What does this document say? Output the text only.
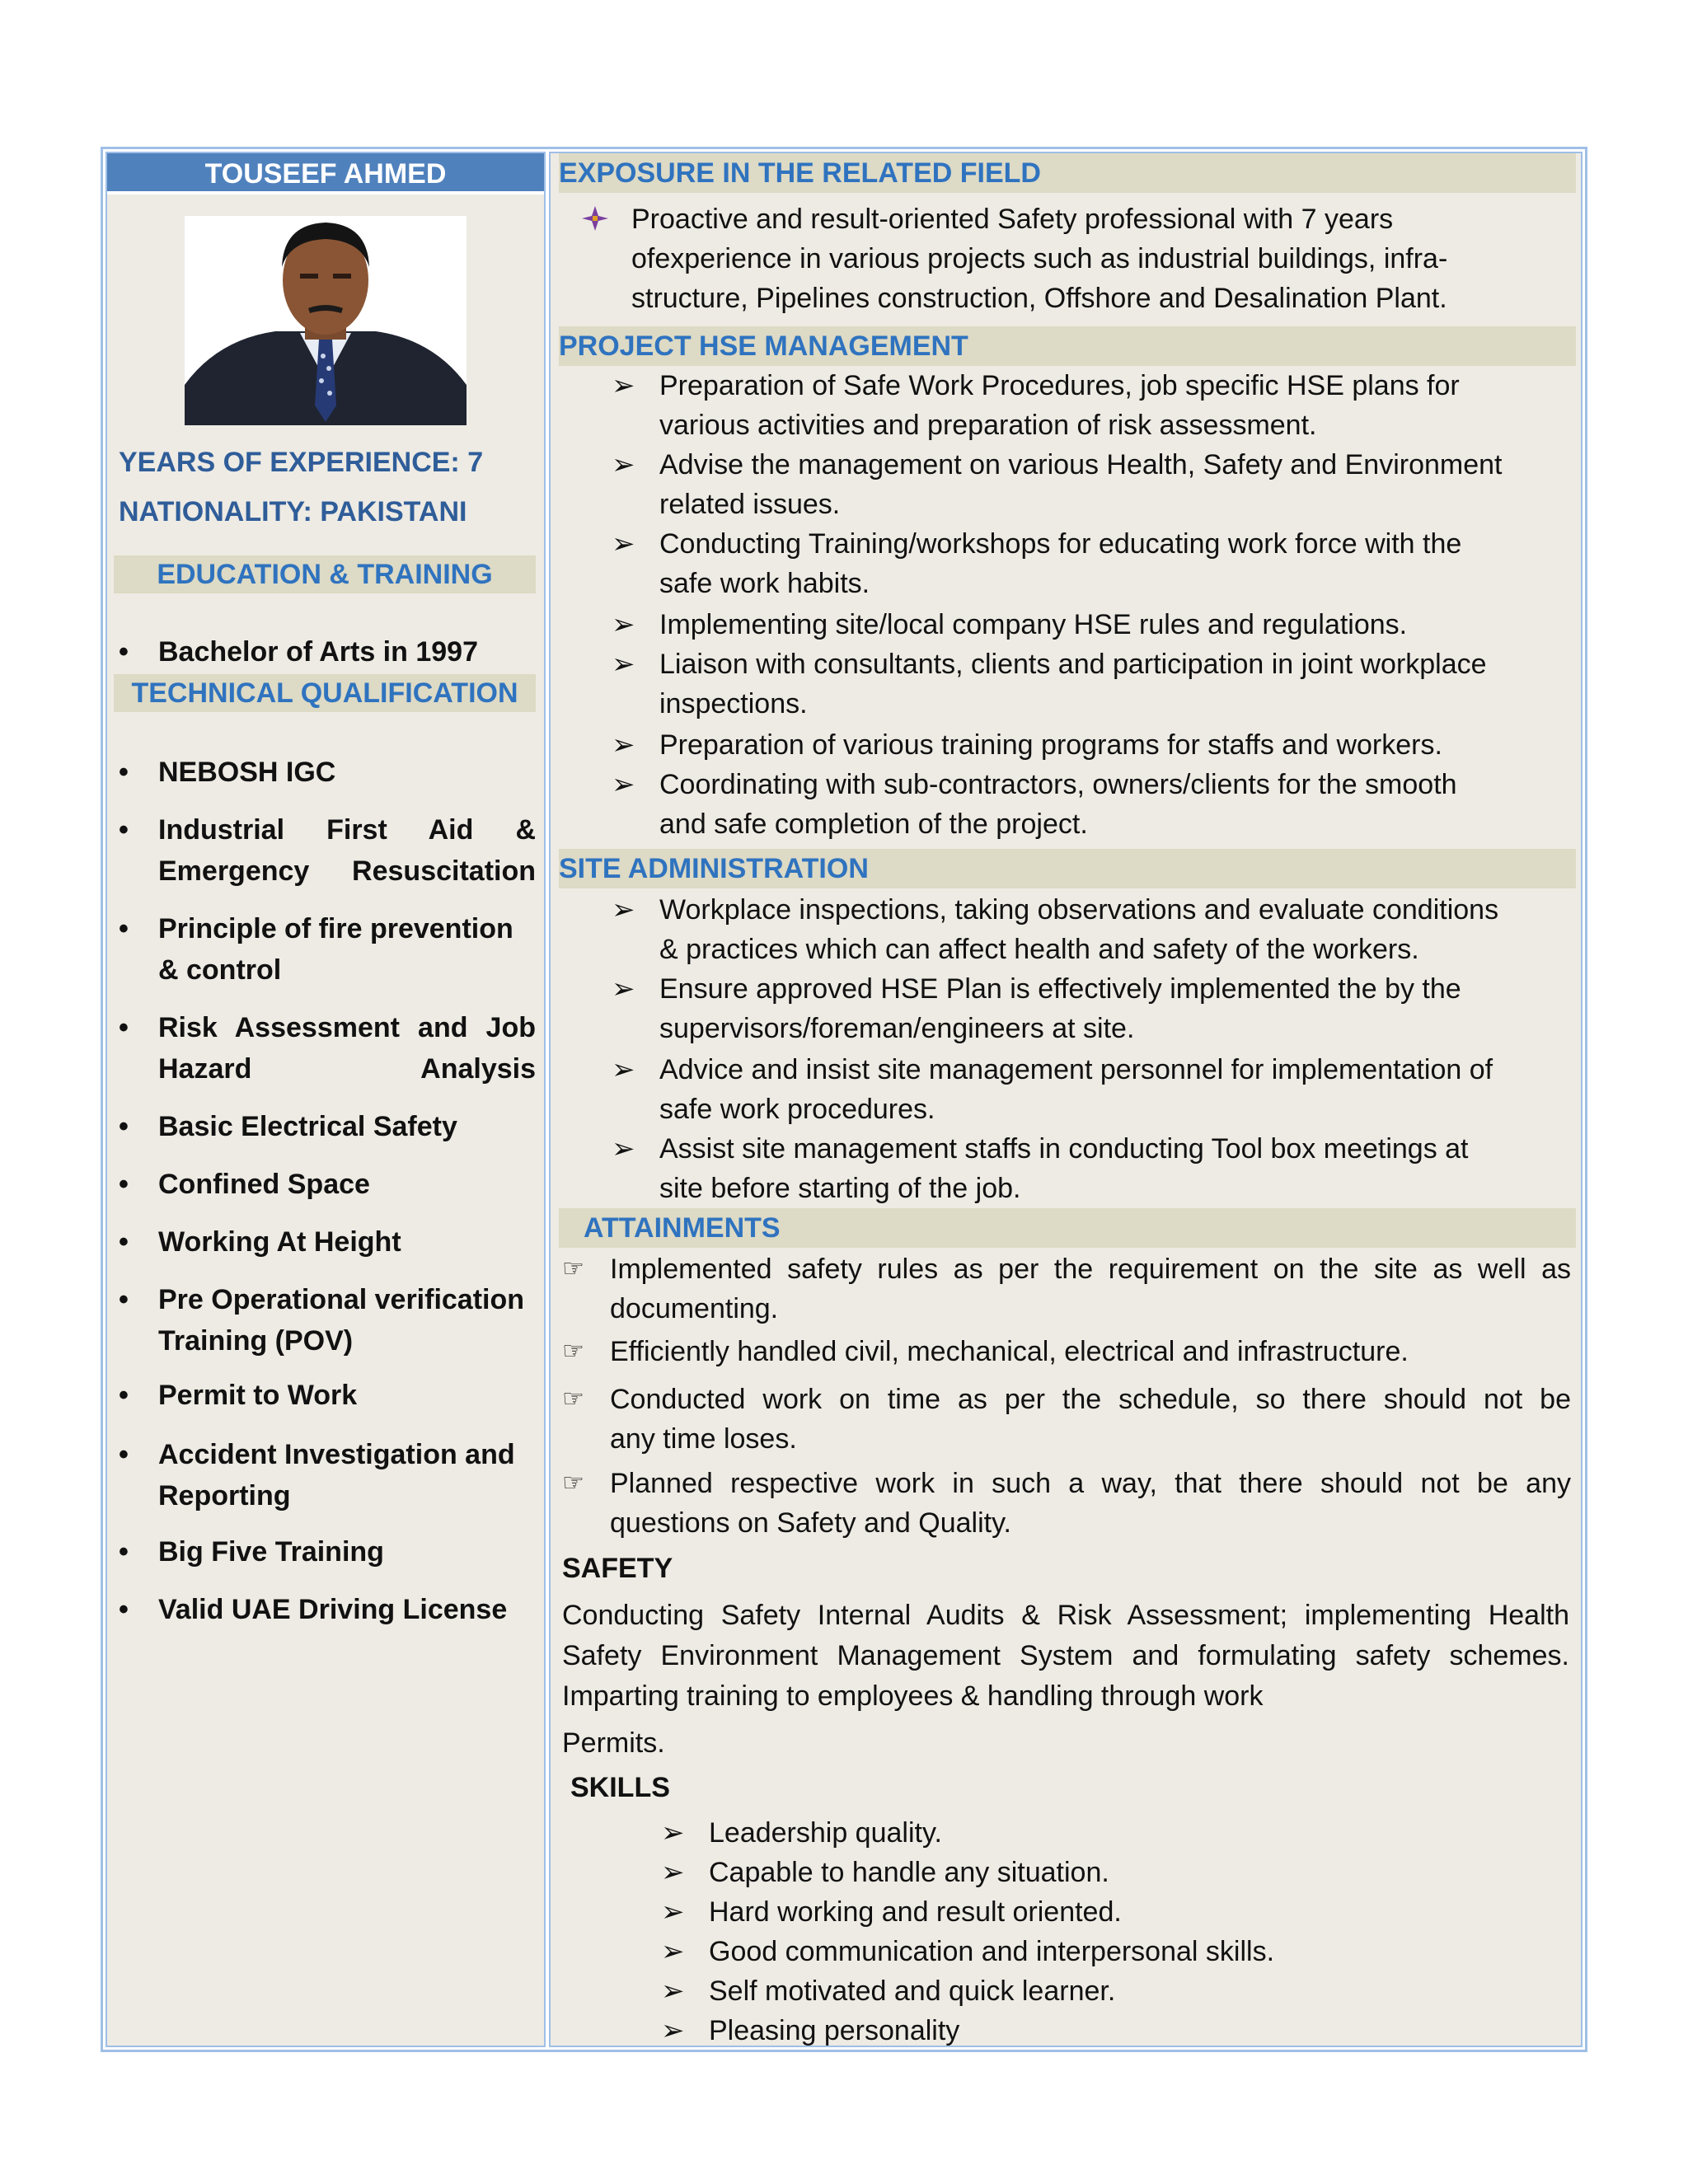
TOUSEEF AHMED
YEARS OF EXPERIENCE: 7
NATIONALITY: PAKISTANI
EDUCATION & TRAINING
• Bachelor of Arts in 1997
TECHNICAL QUALIFICATION
• NEBOSH IGC
• Industrial First Aid & Emergency Resuscitation
• Principle of fire prevention & control
• Risk Assessment and Job Hazard Analysis
• Basic Electrical Safety
• Confined Space
• Working At Height
• Pre Operational verification Training (POV)
• Permit to Work
• Accident Investigation and Reporting
• Big Five Training
• Valid UAE Driving License
EXPOSURE IN THE RELATED FIELD
Proactive and result-oriented Safety professional with 7 years
ofexperience in various projects such as industrial buildings, infra-
structure, Pipelines construction, Offshore and Desalination Plant.
PROJECT HSE MANAGEMENT
➢ Preparation of Safe Work Procedures, job specific HSE plans for
various activities and preparation of risk assessment.
➢ Advise the management on various Health, Safety and Environment
related issues.
➢ Conducting Training/workshops for educating work force with the
safe work habits.
➢ Implementing site/local company HSE rules and regulations.
➢ Liaison with consultants, clients and participation in joint workplace
inspections.
➢ Preparation of various training programs for staffs and workers.
➢ Coordinating with sub-contractors, owners/clients for the smooth
and safe completion of the project.
SITE ADMINISTRATION
➢ Workplace inspections, taking observations and evaluate conditions
& practices which can affect health and safety of the workers.
➢ Ensure approved HSE Plan is effectively implemented the by the
supervisors/foreman/engineers at site.
➢ Advice and insist site management personnel for implementation of
safe work procedures.
➢ Assist site management staffs in conducting Tool box meetings at
site before starting of the job.
ATTAINMENTS
☞ Implemented safety rules as per the requirement on the site as well as
documenting.
☞ Efficiently handled civil, mechanical, electrical and infrastructure.
☞ Conducted work on time as per the schedule, so there should not be
any time loses.
☞ Planned respective work in such a way, that there should not be any
questions on Safety and Quality.
SAFETY
Conducting Safety Internal Audits & Risk Assessment; implementing Health
Safety Environment Management System and formulating safety schemes.
Imparting training to employees & handling through work
Permits.
SKILLS
➢ Leadership quality.
➢ Capable to handle any situation.
➢ Hard working and result oriented.
➢ Good communication and interpersonal skills.
➢ Self motivated and quick learner.
➢ Pleasing personality
